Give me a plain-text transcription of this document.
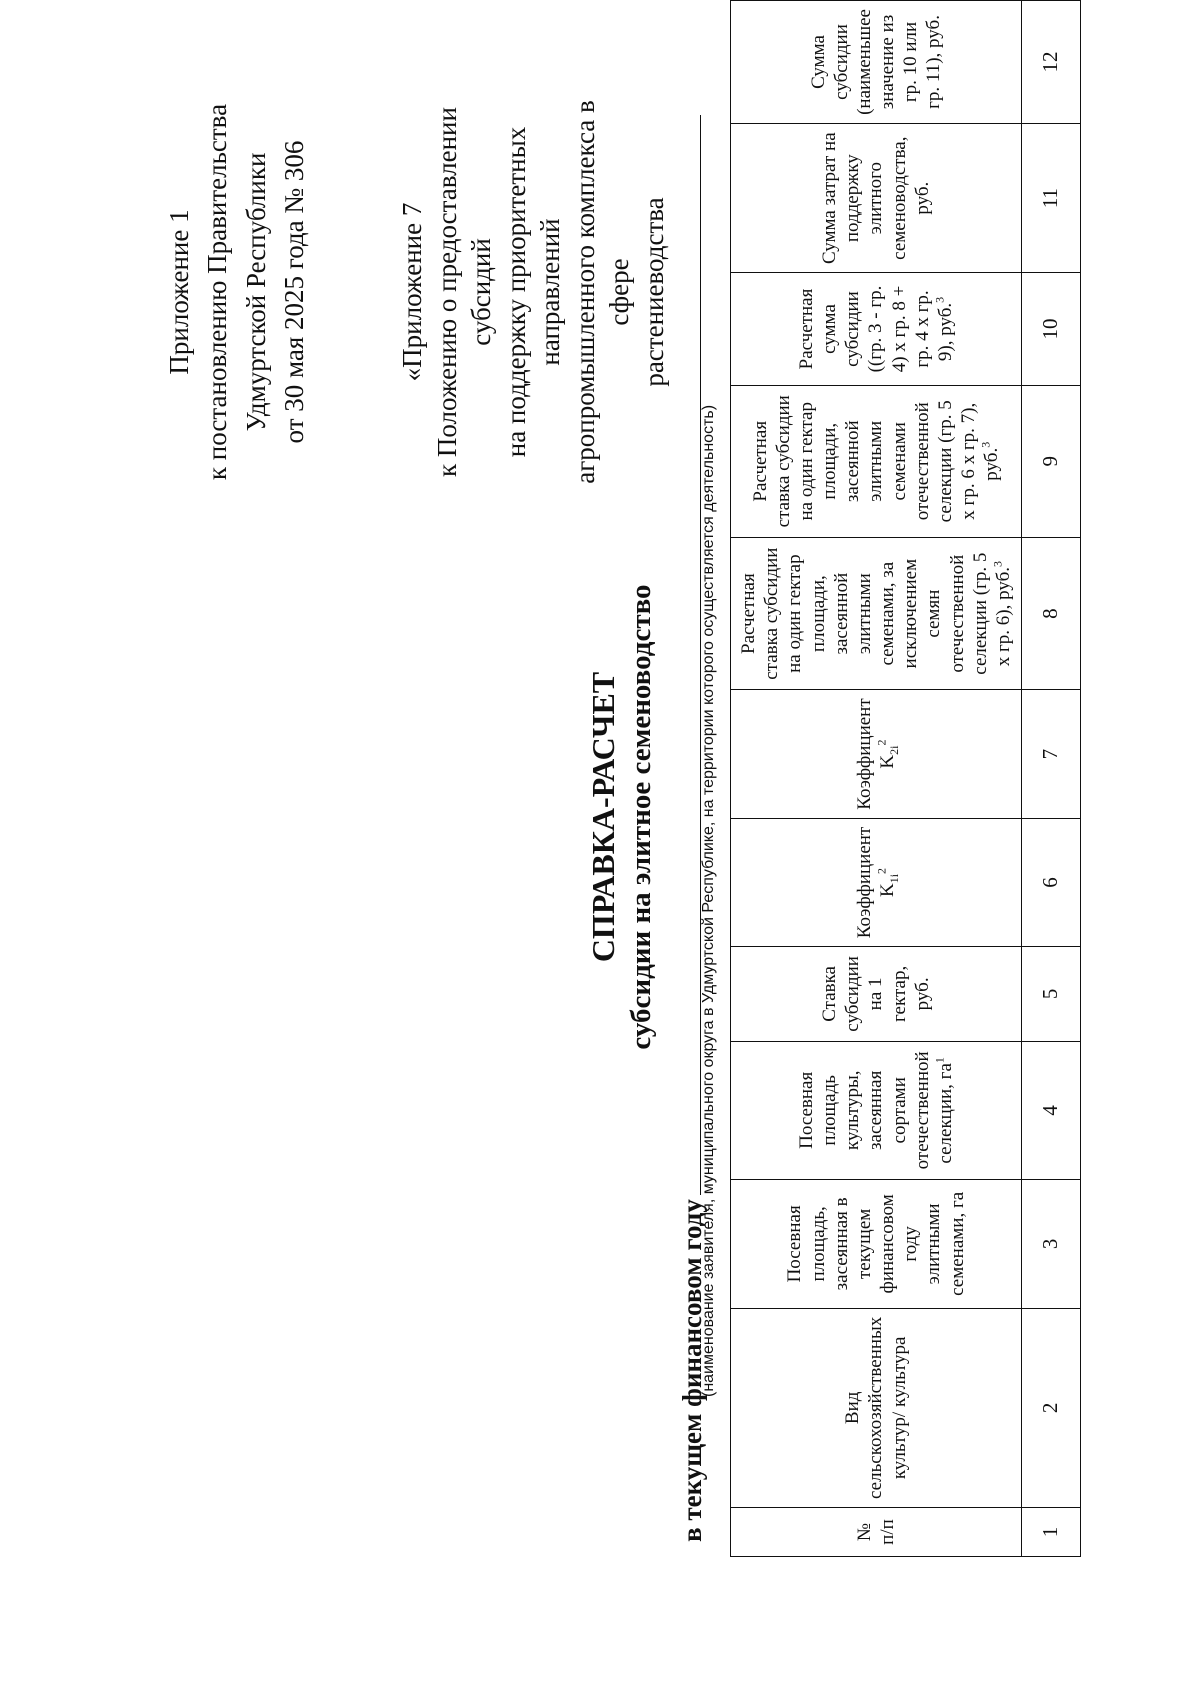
Приложение 1 к постановлению Правительства Удмуртской Республики от 30 мая 2025 года № 306	«Приложение 7 к Положению о предоставлении субсидий на поддержку приоритетных направлений агропромышленного комплекса в сфере растениеводства
СПРАВКА-РАСЧЕТ субсидии на элитное семеноводство
в текущем финансовом году
(наименование заявителя, муниципального округа в Удмуртской Республике, на территории которого осуществляется деятельность)
№ п/п	Вид сельскохозяйственных культур/ культура	Посевная площадь, засеянная в текущем финансовом году элитными семенами, га	Посевная площадь культуры, засеянная сортами отечественной селекции, $га^1$	Ставка субсидии на 1 гектар, руб.	Коэффициент $K_{1i}^2$	Коэффициент $K_{2i}^2$	Расчетная ставка субсидии на один гектар площади, засеянной элитными семенами, за исключением семян отечественной селекции (гр. 5 х гр. 6), руб.$^3$	Расчетная ставка субсидии на один гектар площади, засеянной элитными семенами отечественной селекции (гр. 5 х гр. 6 х гр. 7), руб.$^3$	Расчетная сумма субсидии ((гр. 3 - гр. 4) х гр. 8 + гр. 4 х гр. 9), руб.$^3$	Сумма затрат на поддержку элитного семеноводства, руб.	Сумма субсидии (наименьшее значение из гр. 10 или гр. 11), руб.
1	2	3	4	5	6	7	8	9	10	11	12
